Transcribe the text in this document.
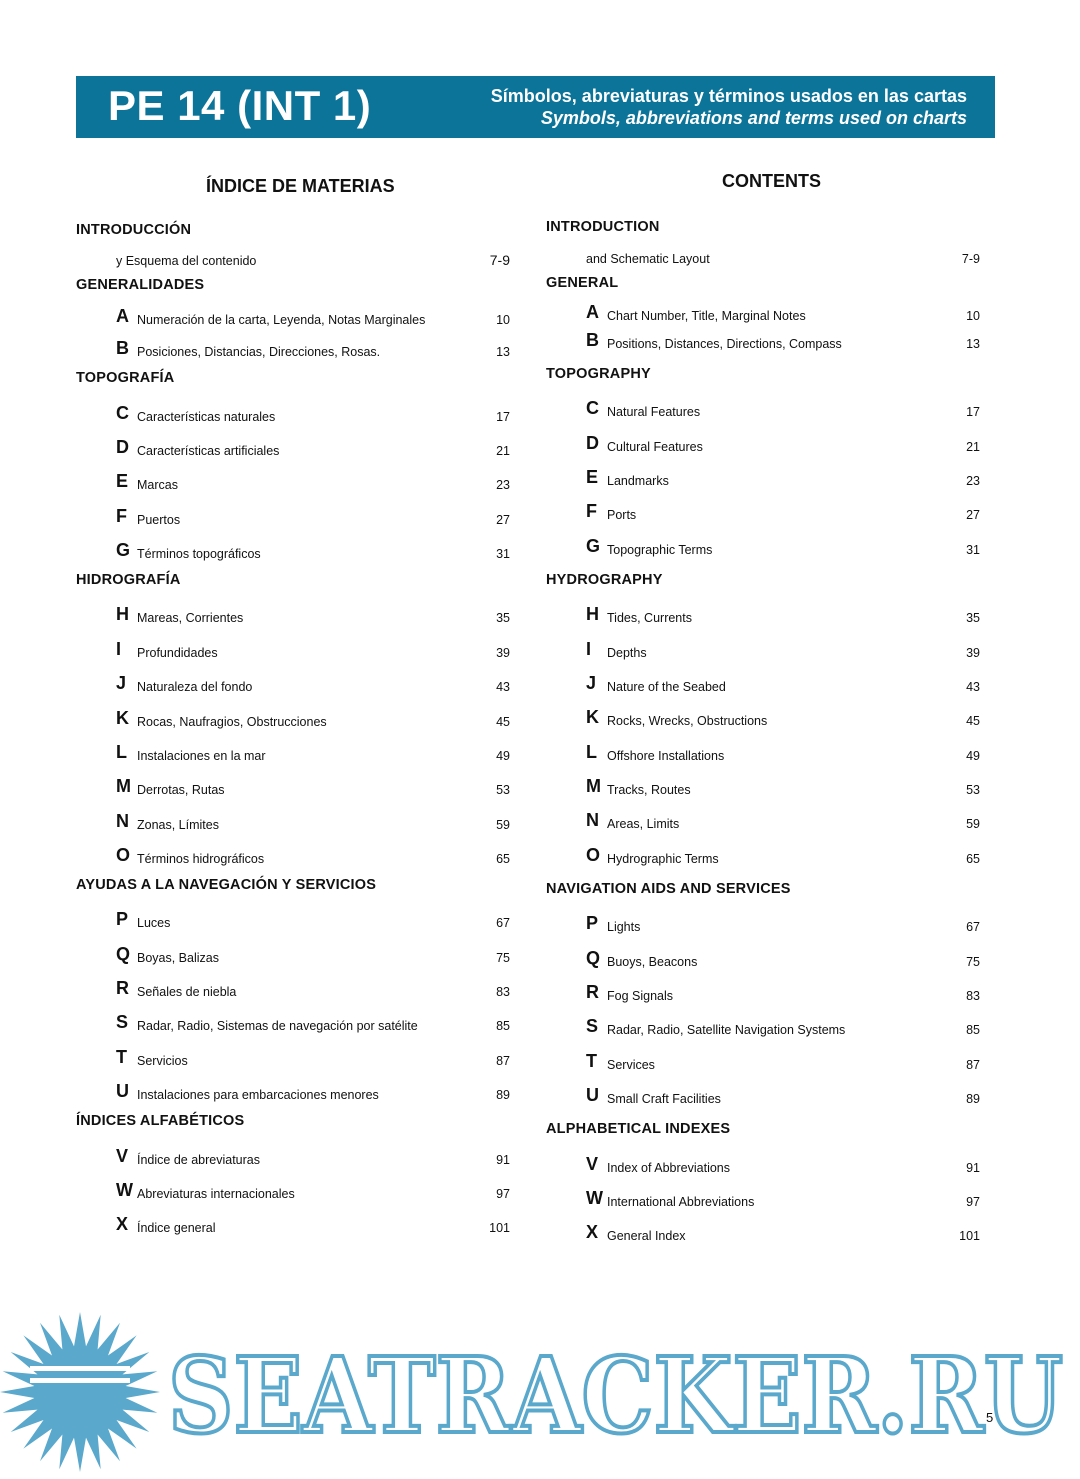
PE 14 (INT 1)	Símbolos, abreviaturas y términos usados en las cartas
Symbols, abbreviations and terms used on charts
ÍNDICE DE MATERIAS	CONTENTS
INTRODUCCIÓN
GENERALIDADES
TOPOGRAFÍA
HIDROGRAFÍA
AYUDAS A LA NAVEGACIÓN Y SERVICIOS
ÍNDICES ALFABÉTICOS
y Esquema del contenido	7-9
A Numeración de la carta, Leyenda, Notas Marginales	10
B Posiciones, Distancias, Direcciones, Rosas.	13
C Características naturales	17
D Características artificiales	21
E Marcas	23
F Puertos	27
G Términos topográficos	31
H Mareas, Corrientes	35
I Profundidades	39
J Naturaleza del fondo	43
K Rocas, Naufragios, Obstrucciones	45
L Instalaciones en la mar	49
M Derrotas, Rutas	53
N Zonas, Límites	59
O Términos hidrográficos	65
P Luces	67
Q Boyas, Balizas	75
R Señales de niebla	83
S Radar, Radio, Sistemas de navegación por satélite	85
T Servicios	87
U Instalaciones para embarcaciones menores	89
V Índice de abreviaturas	91
W Abreviaturas internacionales	97
X Índice general	101
INTRODUCTION
GENERAL
TOPOGRAPHY
HYDROGRAPHY
NAVIGATION AIDS AND SERVICES
ALPHABETICAL INDEXES
and Schematic Layout	7-9
A Chart Number, Title, Marginal Notes	10
B Positions, Distances, Directions, Compass	13
C Natural Features	17
D Cultural Features	21
E Landmarks	23
F Ports	27
G Topographic Terms	31
H Tides, Currents	35
I Depths	39
J Nature of the Seabed	43
K Rocks, Wrecks, Obstructions	45
L Offshore Installations	49
M Tracks, Routes	53
N Areas, Limits	59
O Hydrographic Terms	65
P Lights	67
Q Buoys, Beacons	75
R Fog Signals	83
S Radar, Radio, Satellite Navigation Systems	85
T Services	87
U Small Craft Facilities	89
V Index of Abbreviations	91
W International Abbreviations	97
X General Index	101
SEATRACKER.RU
5
